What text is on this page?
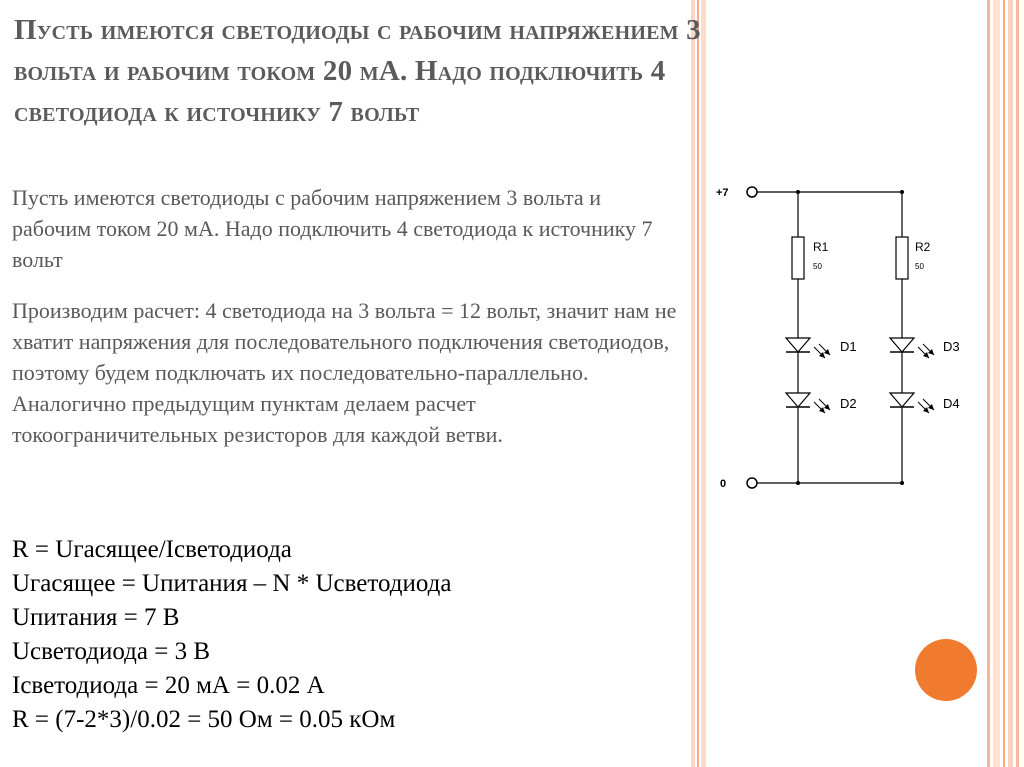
Пусть имеются светодиоды с рабочим напряжением 3 вольта и рабочим током 20 мА. Надо подключить 4 светодиода к источнику 7 вольт

Пусть имеются светодиоды с рабочим напряжением 3 вольта и рабочим током 20 мА. Надо подключить 4 светодиода к источнику 7 вольт

Производим расчет: 4 светодиода на 3 вольта = 12 вольт, значит нам не хватит напряжения для последовательного подключения светодиодов, поэтому будем подключать их последовательно-параллельно. Аналогично предыдущим пунктам делаем расчет токоограничительных резисторов для каждой ветви.

R = Uгасящее/Iсветодиода

Uгасящее = Uпитания – N * Uсветодиода

Uпитания = 7 В

Uсветодиода = 3 В

Iсветодиода = 20 мА = 0.02 А

R = (7-2*3)/0.02 = 50 Ом = 0.05 кОм

+7
0
R1
50
D1
D2
R2
50
D3
D4
